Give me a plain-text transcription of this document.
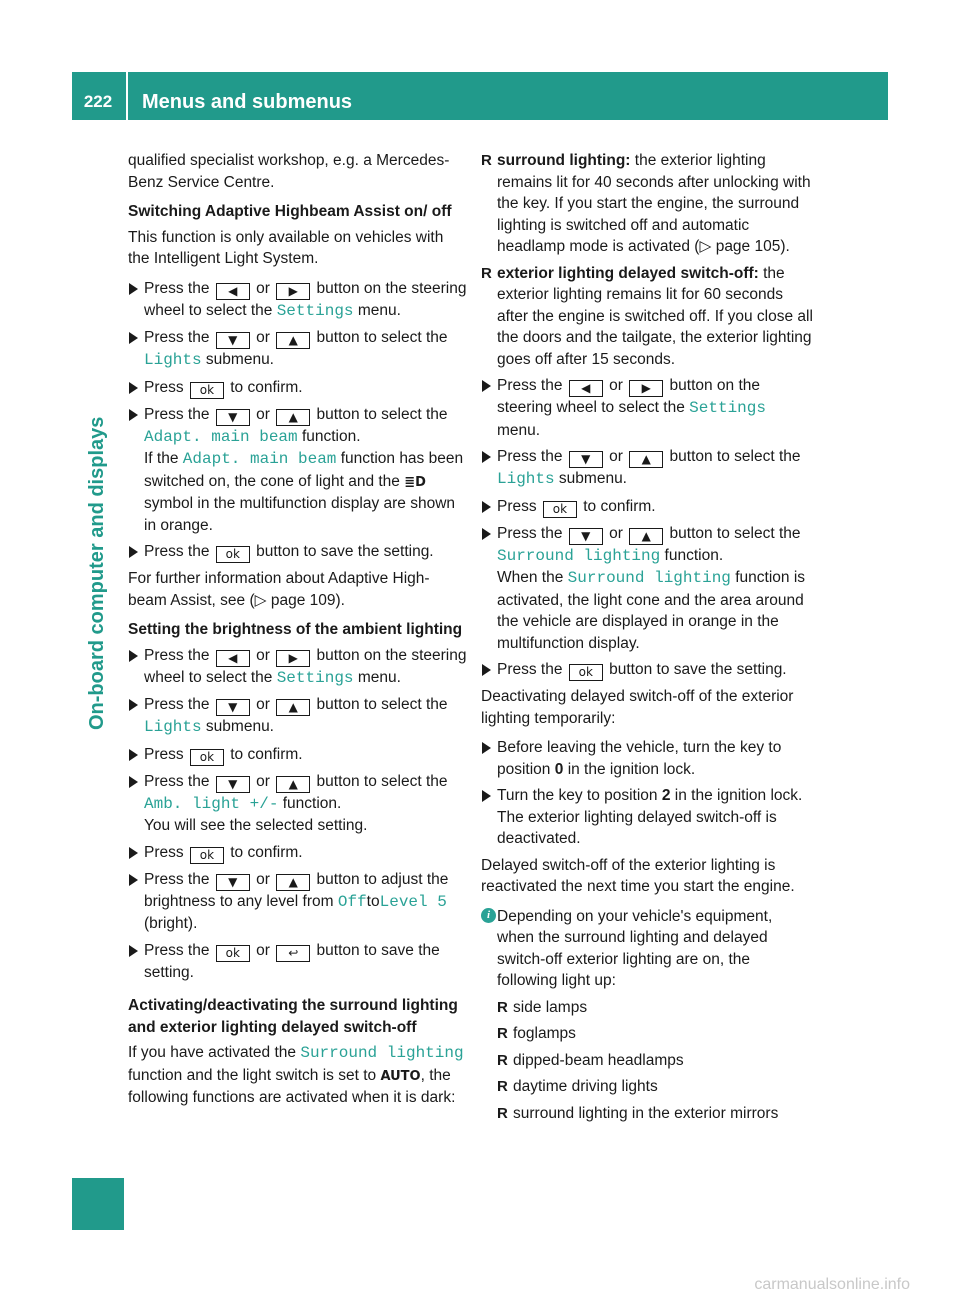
222	Menus and submenus
On-board computer and displays

qualified specialist workshop, e.g. a Mercedes-Benz Service Centre.

Switching Adaptive Highbeam Assist on/ off

This function is only available on vehicles with the Intelligent Light System.

Press the ◀ or ▶ button on the steering wheel to select the Settings menu.
Press the ▼ or ▲ button to select the Lights submenu.
Press ok to confirm.
Press the ▼ or ▲ button to select the Adapt. main beam function.
If the Adapt. main beam function has been switched on, the cone of light and the ≣D symbol in the multifunction display are shown in orange.
Press the ok button to save the setting.

For further information about Adaptive High-beam Assist, see (▷ page 109).

Setting the brightness of the ambient lighting
Press the ◀ or ▶ button on the steering wheel to select the Settings menu.
Press the ▼ or ▲ button to select the Lights submenu.
Press ok to confirm.
Press the ▼ or ▲ button to select the Amb. light +/- function.
You will see the selected setting.
Press ok to confirm.
Press the ▼ or ▲ button to adjust the brightness to any level from OfftoLevel 5 (bright).
Press the ok or ↩ button to save the setting.
Activating/deactivating the surround lighting and exterior lighting delayed switch-off

If you have activated the Surround lighting function and the light switch is set to AUTO, the following functions are activated when it is dark:

R surround lighting: the exterior lighting remains lit for 40 seconds after unlocking with the key. If you start the engine, the surround lighting is switched off and automatic headlamp mode is activated (▷ page 105).
R exterior lighting delayed switch-off: the exterior lighting remains lit for 60 seconds after the engine is switched off. If you close all the doors and the tailgate, the exterior lighting goes off after 15 seconds.
Press the ◀ or ▶ button on the steering wheel to select the Settings menu.
Press the ▼ or ▲ button to select the Lights submenu.
Press ok to confirm.
Press the ▼ or ▲ button to select the Surround lighting function.
When the Surround lighting function is activated, the light cone and the area around the vehicle are displayed in orange in the multifunction display.
Press the ok button to save the setting.

Deactivating delayed switch-off of the exterior lighting temporarily:

Before leaving the vehicle, turn the key to position 0 in the ignition lock.
Turn the key to position 2 in the ignition lock.
The exterior lighting delayed switch-off is deactivated.

Delayed switch-off of the exterior lighting is reactivated the next time you start the engine.

i Depending on your vehicle's equipment, when the surround lighting and delayed switch-off exterior lighting are on, the following light up:
R side lamps
R foglamps
R dipped-beam headlamps
R daytime driving lights
R surround lighting in the exterior mirrors
carmanualsonline.info
